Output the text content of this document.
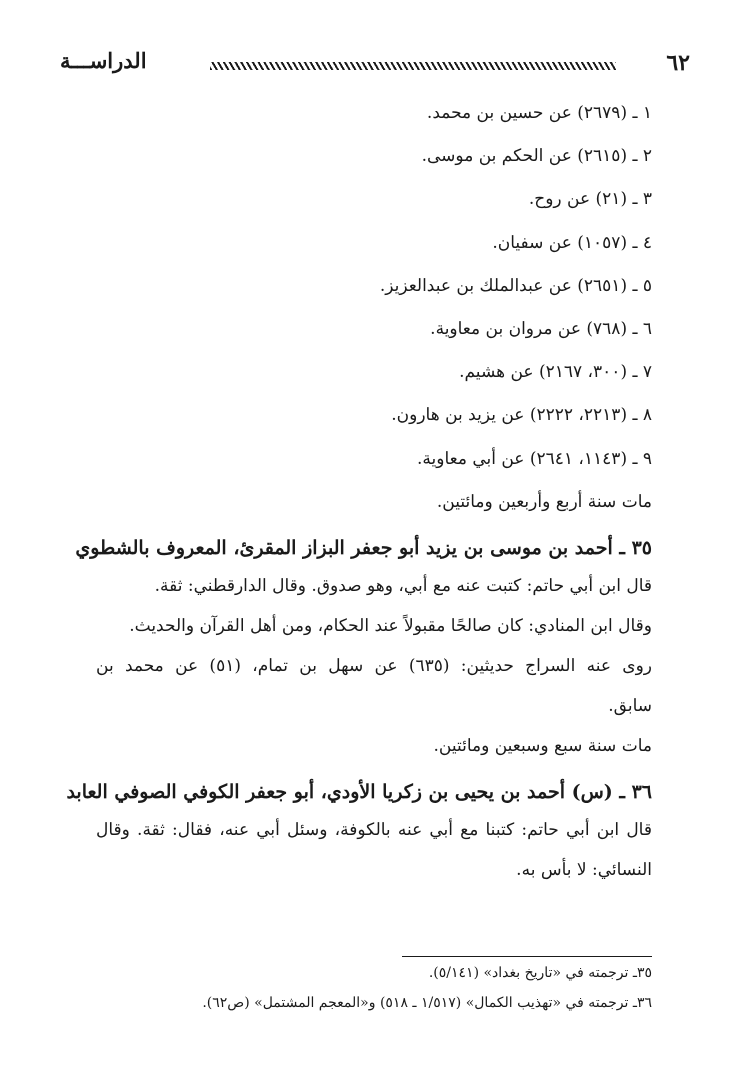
٦٢
الدراســـة
١ ـ (٢٦٧٩) عن حسين بن محمد.
٢ ـ (٢٦١٥) عن الحكم بن موسى.
٣ ـ (٢١) عن روح.
٤ ـ (١٠٥٧) عن سفيان.
٥ ـ (٢٦٥١) عن عبدالملك بن عبدالعزيز.
٦ ـ (٧٦٨) عن مروان بن معاوية.
٧ ـ (٣٠٠، ٢١٦٧) عن هشيم.
٨ ـ (٢٢١٣، ٢٢٢٢) عن يزيد بن هارون.
٩ ـ (١١٤٣، ٢٦٤١) عن أبي معاوية.
مات سنة أربع وأربعين ومائتين.
٣٥ ـ أحمد بن موسى بن يزيد أبو جعفر البزاز المقرئ، المعروف بالشطوي
قال ابن أبي حاتم: كتبت عنه مع أبي، وهو صدوق. وقال الدارقطني: ثقة.
وقال ابن المنادي: كان صالحًا مقبولاً عند الحكام، ومن أهل القرآن والحديث.
روى عنه السراج حديثين: (٦٣٥) عن سهل بن تمام، (٥١) عن محمد بن
سابق.
مات سنة سبع وسبعين ومائتين.
٣٦ ـ (س) أحمد بن يحيى بن زكريا الأودي، أبو جعفر الكوفي الصوفي العابد
قال ابن أبي حاتم: كتبنا مع أبي عنه بالكوفة، وسئل أبي عنه، فقال: ثقة. وقال
النسائي: لا بأس به.
٣٥ـ ترجمته في «تاريخ بغداد» (٥/١٤١).
٣٦ـ ترجمته في «تهذيب الكمال» (١/٥١٧ ـ ٥١٨) و«المعجم المشتمل» (ص٦٢).
